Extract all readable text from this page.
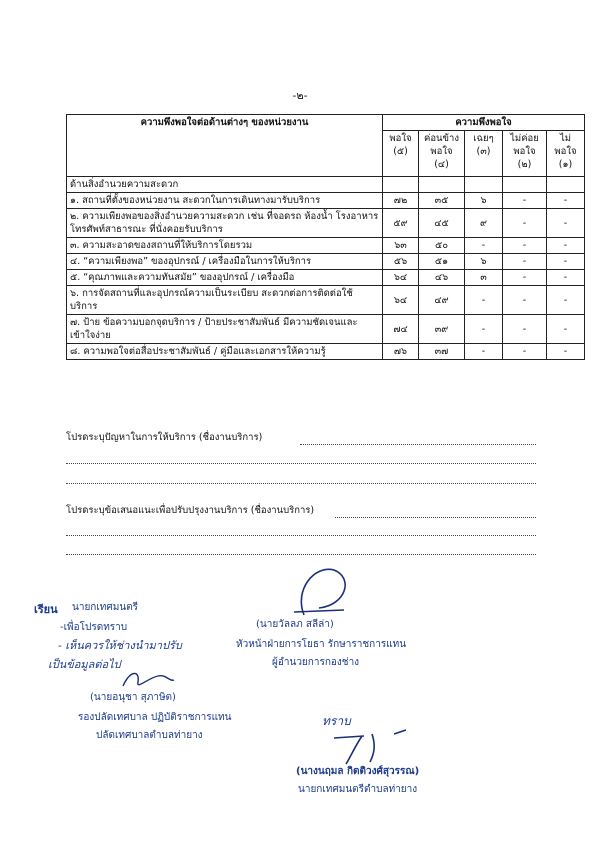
-๒-
ความพึงพอใจต่อด้านต่างๆ ของหน่วยงาน	ความพึงพอใจ				
	พอใจ (๕)	ค่อนข้าง พอใจ (๔)	เฉยๆ (๓)	ไม่ค่อย พอใจ (๒)	ไม่ พอใจ (๑)
ด้านสิ่งอำนวยความสะดวก					
๑. สถานที่ตั้งของหน่วยงาน สะดวกในการเดินทางมารับบริการ	๗๒	๓๕	๖	-	-
๒. ความเพียงพอของสิ่งอำนวยความสะดวก เช่น ที่จอดรถ ห้องน้ำ โรงอาหาร โทรศัพท์สาธารณะ ที่นั่งคอยรับบริการ	๕๙	๔๕	๙	-	-
๓. ความสะอาดของสถานที่ให้บริการโดยรวม	๖๓	๕๐	-	-	-
๔. “ความเพียงพอ” ของอุปกรณ์ / เครื่องมือในการให้บริการ	๕๖	๕๑	๖	-	-
๕. “คุณภาพและความทันสมัย” ของอุปกรณ์ / เครื่องมือ	๖๔	๔๖	๓	-	-
๖. การจัดสถานที่และอุปกรณ์ความเป็นระเบียบ สะดวกต่อการติดต่อใช้บริการ	๖๔	๔๙	-	-	-
๗. ป้าย ข้อความบอกจุดบริการ / ป้ายประชาสัมพันธ์ มีความชัดเจนและเข้าใจง่าย	๗๔	๓๙	-	-	-
๘. ความพอใจต่อสื่อประชาสัมพันธ์ / คู่มือและเอกสารให้ความรู้	๗๖	๓๗	-	-	-
โปรดระบุปัญหาในการให้บริการ (ชื่องานบริการ)
โปรดระบุข้อเสนอแนะเพื่อปรับปรุงงานบริการ (ชื่องานบริการ)
เรียน นายกเทศมนตรี
-เพื่อโปรดทราบ
- เห็นควรให้ช่างนำมาปรับ
เป็นข้อมูลต่อไป
(นายวัลลภ สลีล่า)
หัวหน้าฝ่ายการโยธา รักษาราชการแทน
ผู้อำนวยการกองช่าง
(นายอนุชา สุภาษิต)
รองปลัดเทศบาล ปฏิบัติราชการแทน
ปลัดเทศบาลตำบลท่ายาง
ทราบ
(นางนฤมล กิตติวงศ์สุวรรณ)
นายกเทศมนตรีตำบลท่ายาง
